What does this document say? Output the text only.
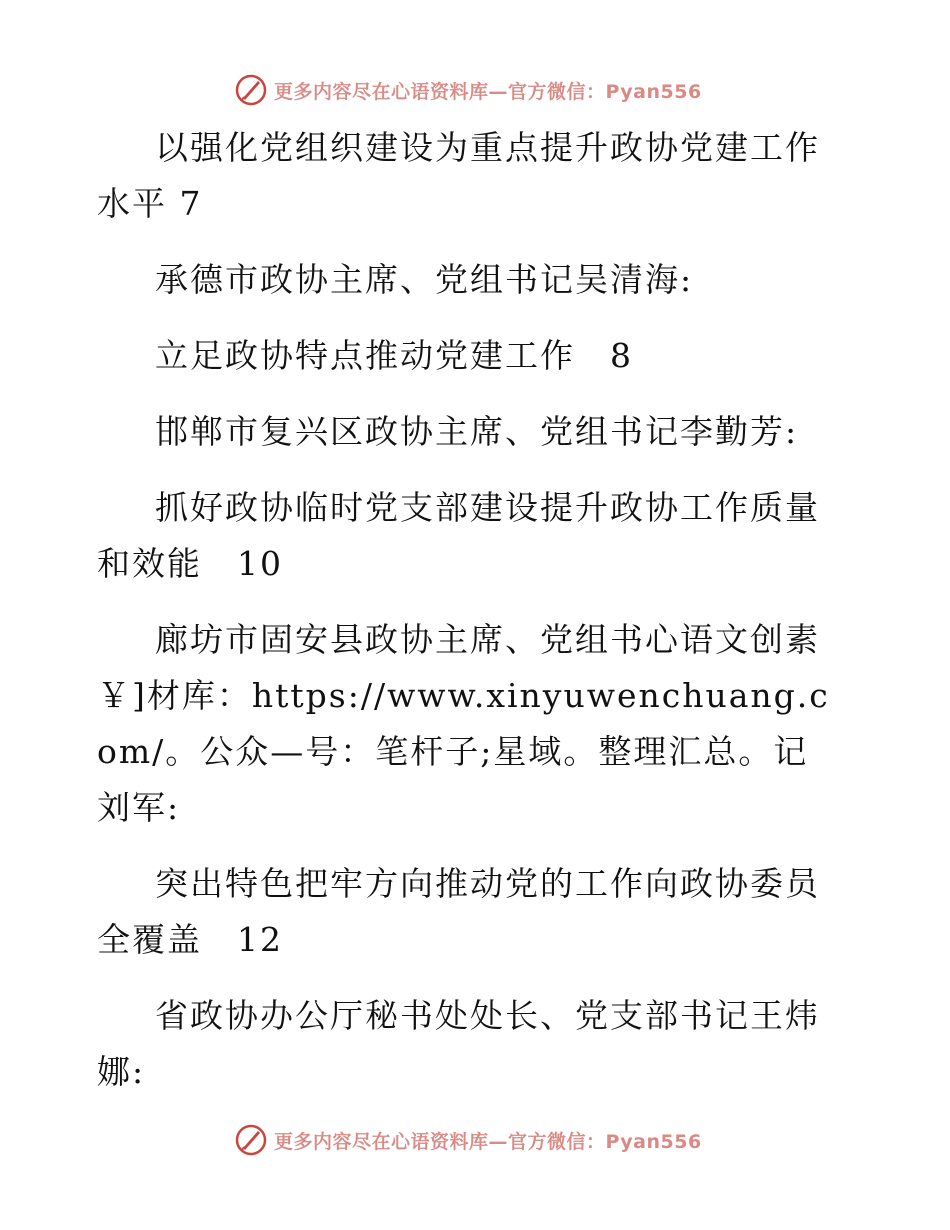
更多内容尽在心语资料库—官方微信：Pyan556

以强化党组织建设为重点提升政协党建工作水平 7

承德市政协主席、党组书记吴清海:

立足政协特点推动党建工作　8

邯郸市复兴区政协主席、党组书记李勤芳:

抓好政协临时党支部建设提升政协工作质量和效能　10

廊坊市固安县政协主席、党组书心语文创素￥]材库：https://www.xinyuwenchuang.com/。公众—号：笔杆子;星域。整理汇总。记刘军:

突出特色把牢方向推动党的工作向政协委员全覆盖　12

省政协办公厅秘书处处长、党支部书记王炜娜:

更多内容尽在心语资料库—官方微信：Pyan556
